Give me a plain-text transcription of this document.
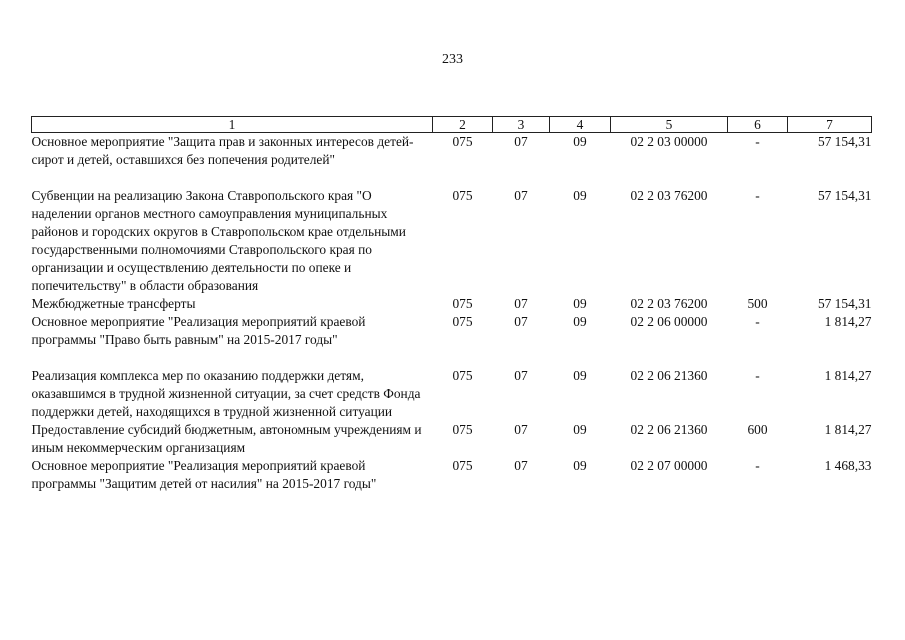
233
1	2	3	4	5	6	7
Основное мероприятие "Защита прав и законных интересов детей-сирот и детей, оставшихся без попечения родителей"	075	07	09	02 2 03 00000	-	57 154,31

Субвенции на реализацию Закона Ставропольского края "О наделении органов местного самоуправления муниципальных районов и городских округов в Ставропольском крае отдельными государственными полномочиями Ставропольского края по организации и осуществлению деятельности по опеке и попечительству" в области образования	075	07	09	02 2 03 76200	-	57 154,31
Межбюджетные трансферты	075	07	09	02 2 03 76200	500	57 154,31
Основное мероприятие "Реализация мероприятий краевой программы "Право быть равным" на 2015-2017 годы"	075	07	09	02 2 06 00000	-	1 814,27

Реализация комплекса мер по оказанию поддержки детям, оказавшимся в трудной жизненной ситуации, за счет средств Фонда поддержки детей, находящихся в трудной жизненной ситуации	075	07	09	02 2 06 21360	-	1 814,27
Предоставление субсидий бюджетным, автономным учреждениям и иным некоммерческим организациям	075	07	09	02 2 06 21360	600	1 814,27
Основное мероприятие "Реализация мероприятий краевой программы "Защитим детей от насилия" на 2015-2017 годы"	075	07	09	02 2 07 00000	-	1 468,33
